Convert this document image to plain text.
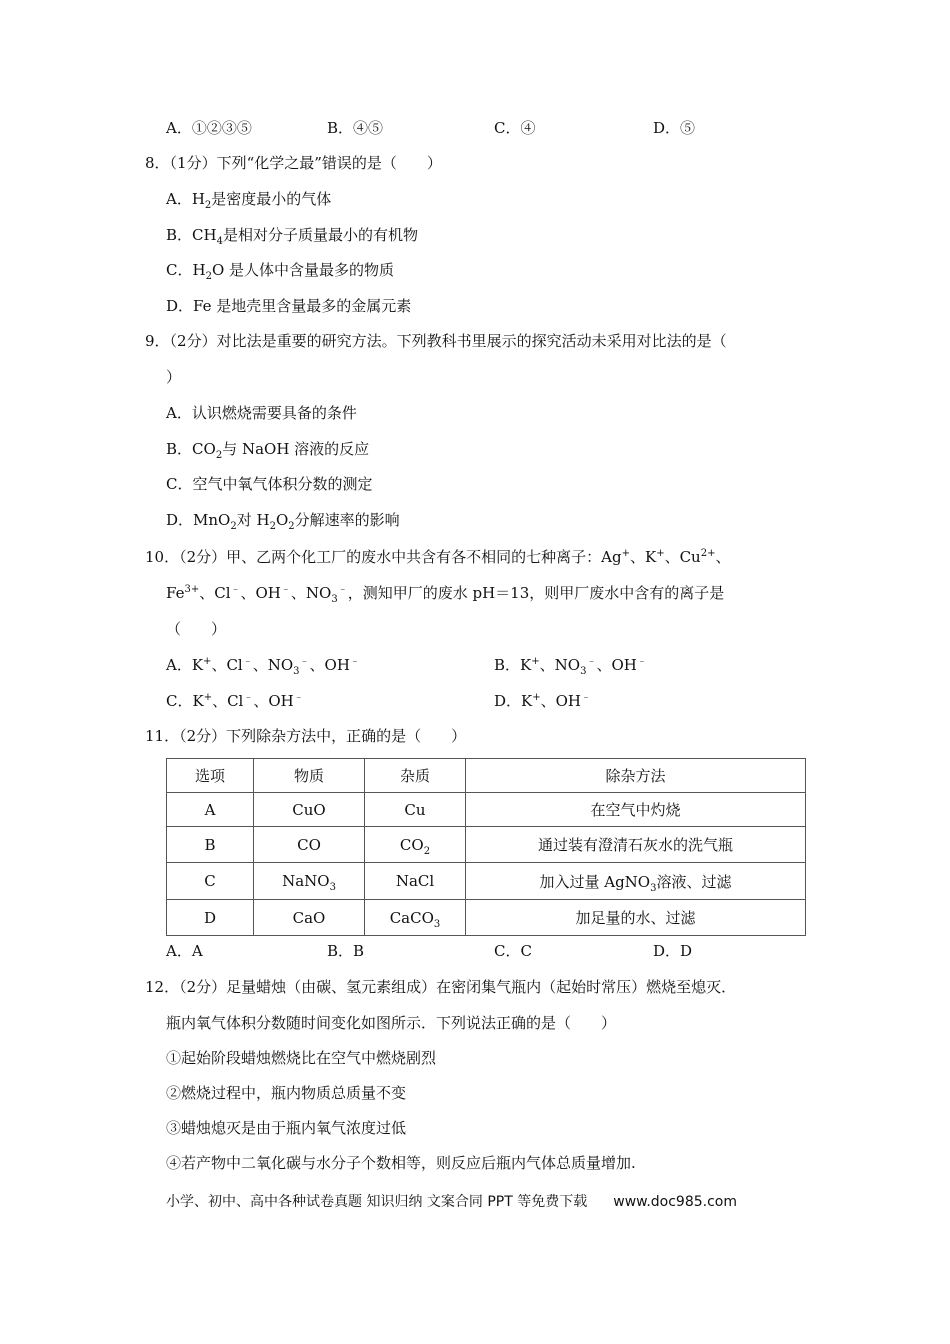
A．①②③⑤	B．④⑤	C．④	D．⑤
8．（1分）下列“化学之最”错误的是（　　）
A．$H_2$是密度最小的气体
B．$CH_4$是相对分子质量最小的有机物
C．$H_2O$ 是人体中含量最多的物质
D．Fe 是地壳里含量最多的金属元素
9．（2分）对比法是重要的研究方法。下列教科书里展示的探究活动未采用对比法的是（
）
A．认识燃烧需要具备的条件
B．$CO_2$与 NaOH 溶液的反应
C．空气中氧气体积分数的测定
D．MnO$_2$对 $H_2O_2$分解速率的影响
10．（2分）甲、乙两个化工厂的废水中共含有各不相同的七种离子：Ag+、K+、$Cu^{2+}$、
$Fe^{3+}$、Cl﹣、OH﹣、$NO_3^﹣$，测知甲厂的废水 pH＝13，则甲厂废水中含有的离子是
（　　）
A．K+、Cl﹣、$NO_3^﹣$、OH﹣	B．K+、$NO_3^﹣$、OH﹣
C．K+、Cl﹣、OH﹣	D．K+、OH﹣
11．（2分）下列除杂方法中，正确的是（　　）
选项	物质	杂质	除杂方法
A	CuO	Cu	在空气中灼烧
B	CO	$CO_2$	通过装有澄清石灰水的洗气瓶
C	NaNO$_3$	NaCl	加入过量 AgNO$_3$溶液、过滤
D	CaO	CaCO$_3$	加足量的水、过滤
A．A	B．B	C．C	D．D
12．（2分）足量蜡烛（由碳、氢元素组成）在密闭集气瓶内（起始时常压）燃烧至熄灭．
瓶内氧气体积分数随时间变化如图所示．下列说法正确的是（　　）
①起始阶段蜡烛燃烧比在空气中燃烧剧烈
②燃烧过程中，瓶内物质总质量不变
③蜡烛熄灭是由于瓶内氧气浓度过低
④若产物中二氧化碳与水分子个数相等，则反应后瓶内气体总质量增加.
小学、初中、高中各种试卷真题 知识归纳 文案合同 PPT 等免费下载 www.doc985.com
